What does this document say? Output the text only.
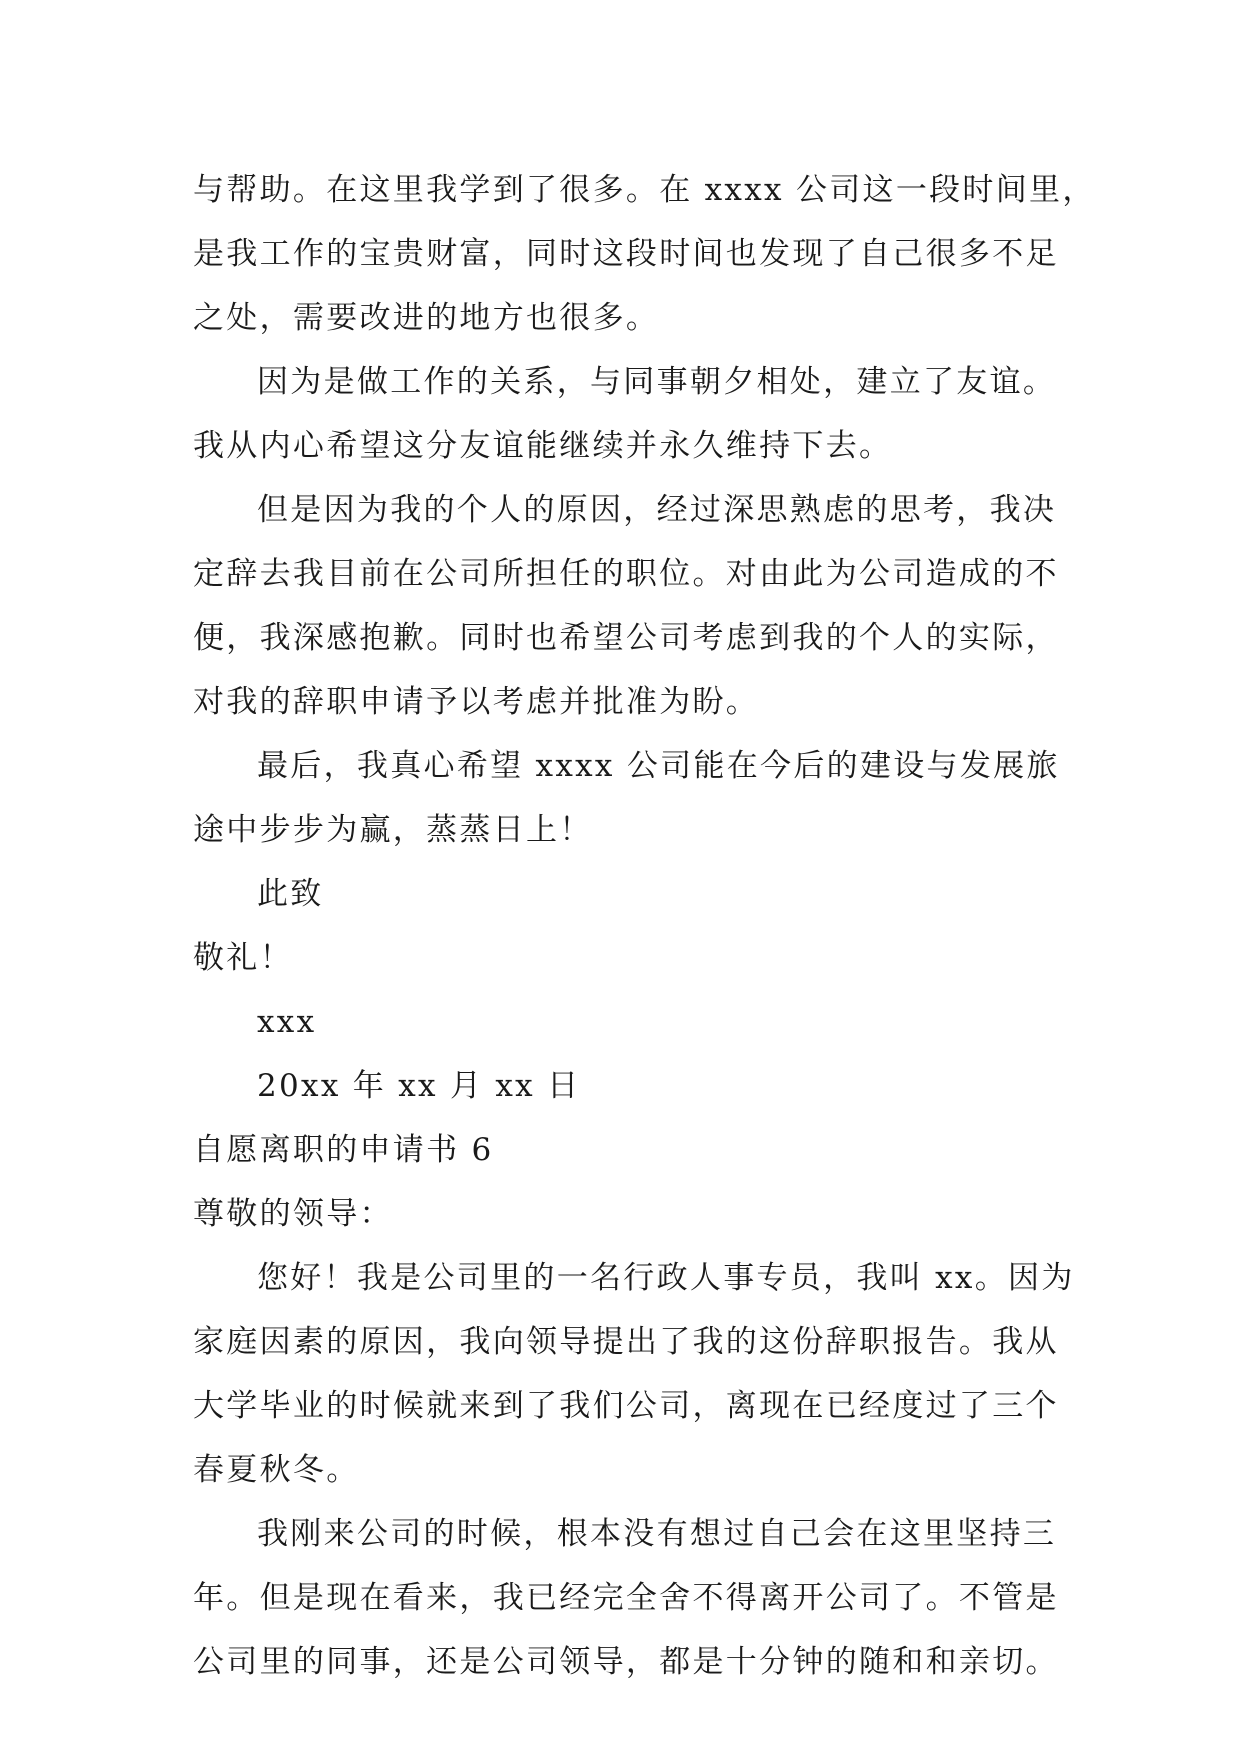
与帮助。在这里我学到了很多。在 xxxx 公司这一段时间里，
是我工作的宝贵财富，同时这段时间也发现了自己很多不足
之处，需要改进的地方也很多。
因为是做工作的关系，与同事朝夕相处，建立了友谊。
我从内心希望这分友谊能继续并永久维持下去。
但是因为我的个人的原因，经过深思熟虑的思考，我决
定辞去我目前在公司所担任的职位。对由此为公司造成的不
便，我深感抱歉。同时也希望公司考虑到我的个人的实际，
对我的辞职申请予以考虑并批准为盼。
最后，我真心希望 xxxx 公司能在今后的建设与发展旅
途中步步为赢，蒸蒸日上！
此致
敬礼！
xxx
20xx 年 xx 月 xx 日
自愿离职的申请书 6
尊敬的领导：
您好！我是公司里的一名行政人事专员，我叫 xx。因为
家庭因素的原因，我向领导提出了我的这份辞职报告。我从
大学毕业的时候就来到了我们公司，离现在已经度过了三个
春夏秋冬。
我刚来公司的时候，根本没有想过自己会在这里坚持三
年。但是现在看来，我已经完全舍不得离开公司了。不管是
公司里的同事，还是公司领导，都是十分钟的随和和亲切。
